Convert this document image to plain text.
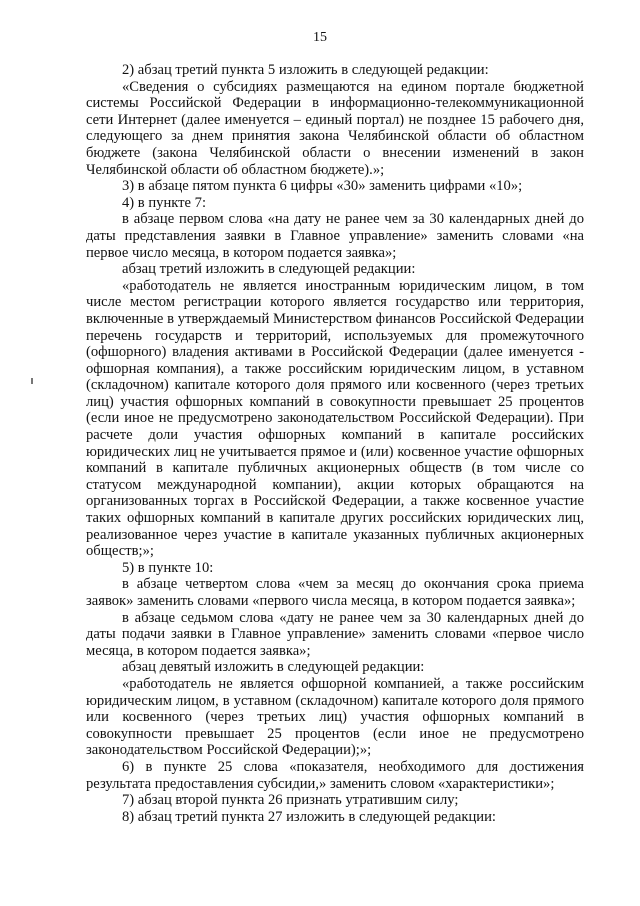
15

2) абзац третий пункта 5 изложить в следующей редакции:

«Сведения о субсидиях размещаются на едином портале бюджетной системы Российской Федерации в информационно-телекоммуникационной сети Интернет (далее именуется – единый портал) не позднее 15 рабочего дня, следующего за днем принятия закона Челябинской области об областном бюджете (закона Челябинской области о внесении изменений в закон Челябинской области об областном бюджете).»;

3) в абзаце пятом пункта 6 цифры «30» заменить цифрами «10»;

4) в пункте 7:

в абзаце первом слова «на дату не ранее чем за 30 календарных дней до даты представления заявки в Главное управление» заменить словами «на первое число месяца, в котором подается заявка»;

абзац третий изложить в следующей редакции:

«работодатель не является иностранным юридическим лицом, в том числе местом регистрации которого является государство или территория, включенные в утверждаемый Министерством финансов Российской Федерации перечень государств и территорий, используемых для промежуточного (офшорного) владения активами в Российской Федерации (далее именуется - офшорная компания), а также российским юридическим лицом, в уставном (складочном) капитале которого доля прямого или косвенного (через третьих лиц) участия офшорных компаний в совокупности превышает 25 процентов (если иное не предусмотрено законодательством Российской Федерации). При расчете доли участия офшорных компаний в капитале российских юридических лиц не учитывается прямое и (или) косвенное участие офшорных компаний в капитале публичных акционерных обществ (в том числе со статусом международной компании), акции которых обращаются на организованных торгах в Российской Федерации, а также косвенное участие таких офшорных компаний в капитале других российских юридических лиц, реализованное через участие в капитале указанных публичных акционерных обществ;»;

5) в пункте 10:

в абзаце четвертом слова «чем за месяц до окончания срока приема заявок» заменить словами «первого числа месяца, в котором подается заявка»;

в абзаце седьмом слова «дату не ранее чем за 30 календарных дней до даты подачи заявки в Главное управление» заменить словами «первое число месяца, в котором подается заявка»;

абзац девятый изложить в следующей редакции:

«работодатель не является офшорной компанией, а также российским юридическим лицом, в уставном (складочном) капитале которого доля прямого или косвенного (через третьих лиц) участия офшорных компаний в совокупности превышает 25 процентов (если иное не предусмотрено законодательством Российской Федерации);»;

6) в пункте 25 слова «показателя, необходимого для достижения результата предоставления субсидии,» заменить словом «характеристики»;

7) абзац второй пункта 26 признать утратившим силу;

8) абзац третий пункта 27 изложить в следующей редакции:
